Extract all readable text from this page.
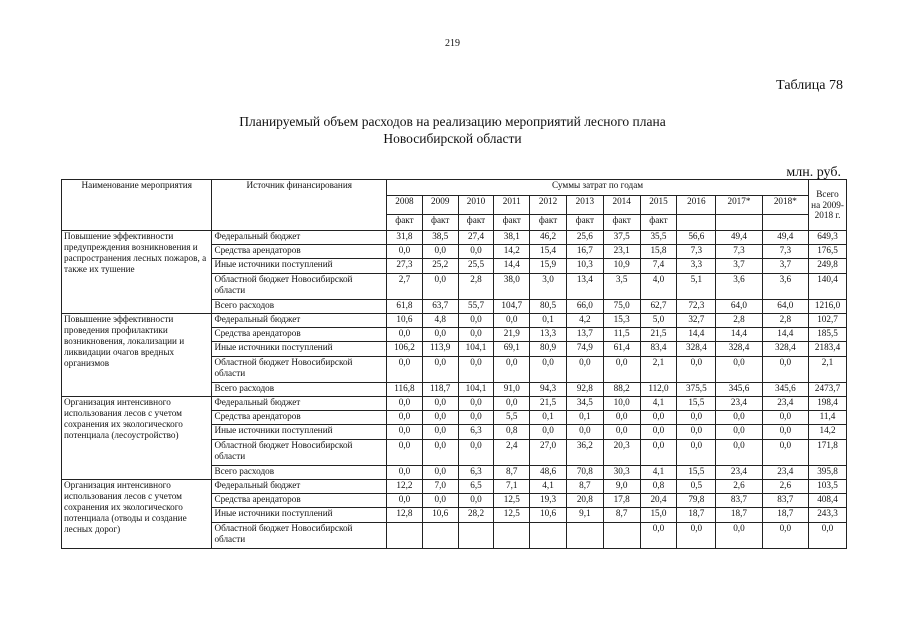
219
Таблица 78
Планируемый объем расходов на реализацию мероприятий лесного плана
Новосибирской области
млн. руб.
Наименование мероприятия	Источник финансирования	Суммы затрат по годам											Всего на 2009-2018 г.
		2008	2009	2010	2011	2012	2013	2014	2015	2016	2017*	2018*	
		факт	факт	факт	факт	факт	факт	факт	факт				
Повышение эффективности предупреждения возникновения и распространения лесных пожаров, а также их тушение	Федеральный бюджет	31,8	38,5	27,4	38,1	46,2	25,6	37,5	35,5	56,6	49,4	49,4	649,3
	Средства арендаторов	0,0	0,0	0,0	14,2	15,4	16,7	23,1	15,8	7,3	7,3	7,3	176,5
	Иные источники поступлений	27,3	25,2	25,5	14,4	15,9	10,3	10,9	7,4	3,3	3,7	3,7	249,8
	Областной бюджет Новосибирской области	2,7	0,0	2,8	38,0	3,0	13,4	3,5	4,0	5,1	3,6	3,6	140,4
	Всего расходов	61,8	63,7	55,7	104,7	80,5	66,0	75,0	62,7	72,3	64,0	64,0	1216,0
Повышение эффективности проведения профилактики возникновения, локализации и ликвидации очагов вредных организмов	Федеральный бюджет	10,6	4,8	0,0	0,0	0,1	4,2	15,3	5,0	32,7	2,8	2,8	102,7
	Средства арендаторов	0,0	0,0	0,0	21,9	13,3	13,7	11,5	21,5	14,4	14,4	14,4	185,5
	Иные источники поступлений	106,2	113,9	104,1	69,1	80,9	74,9	61,4	83,4	328,4	328,4	328,4	2183,4
	Областной бюджет Новосибирской области	0,0	0,0	0,0	0,0	0,0	0,0	0,0	2,1	0,0	0,0	0,0	2,1
	Всего расходов	116,8	118,7	104,1	91,0	94,3	92,8	88,2	112,0	375,5	345,6	345,6	2473,7
Организация интенсивного использования лесов с учетом сохранения их экологического потенциала (лесоустройство)	Федеральный бюджет	0,0	0,0	0,0	0,0	21,5	34,5	10,0	4,1	15,5	23,4	23,4	198,4
	Средства арендаторов	0,0	0,0	0,0	5,5	0,1	0,1	0,0	0,0	0,0	0,0	0,0	11,4
	Иные источники поступлений	0,0	0,0	6,3	0,8	0,0	0,0	0,0	0,0	0,0	0,0	0,0	14,2
	Областной бюджет Новосибирской области	0,0	0,0	0,0	2,4	27,0	36,2	20,3	0,0	0,0	0,0	0,0	171,8
	Всего расходов	0,0	0,0	6,3	8,7	48,6	70,8	30,3	4,1	15,5	23,4	23,4	395,8
Организация интенсивного использования лесов с учетом сохранения их экологического потенциала (отводы и создание лесных дорог)	Федеральный бюджет	12,2	7,0	6,5	7,1	4,1	8,7	9,0	0,8	0,5	2,6	2,6	103,5
	Средства арендаторов	0,0	0,0	0,0	12,5	19,3	20,8	17,8	20,4	79,8	83,7	83,7	408,4
	Иные источники поступлений	12,8	10,6	28,2	12,5	10,6	9,1	8,7	15,0	18,7	18,7	18,7	243,3
	Областной бюджет Новосибирской области								0,0	0,0	0,0	0,0	0,0
